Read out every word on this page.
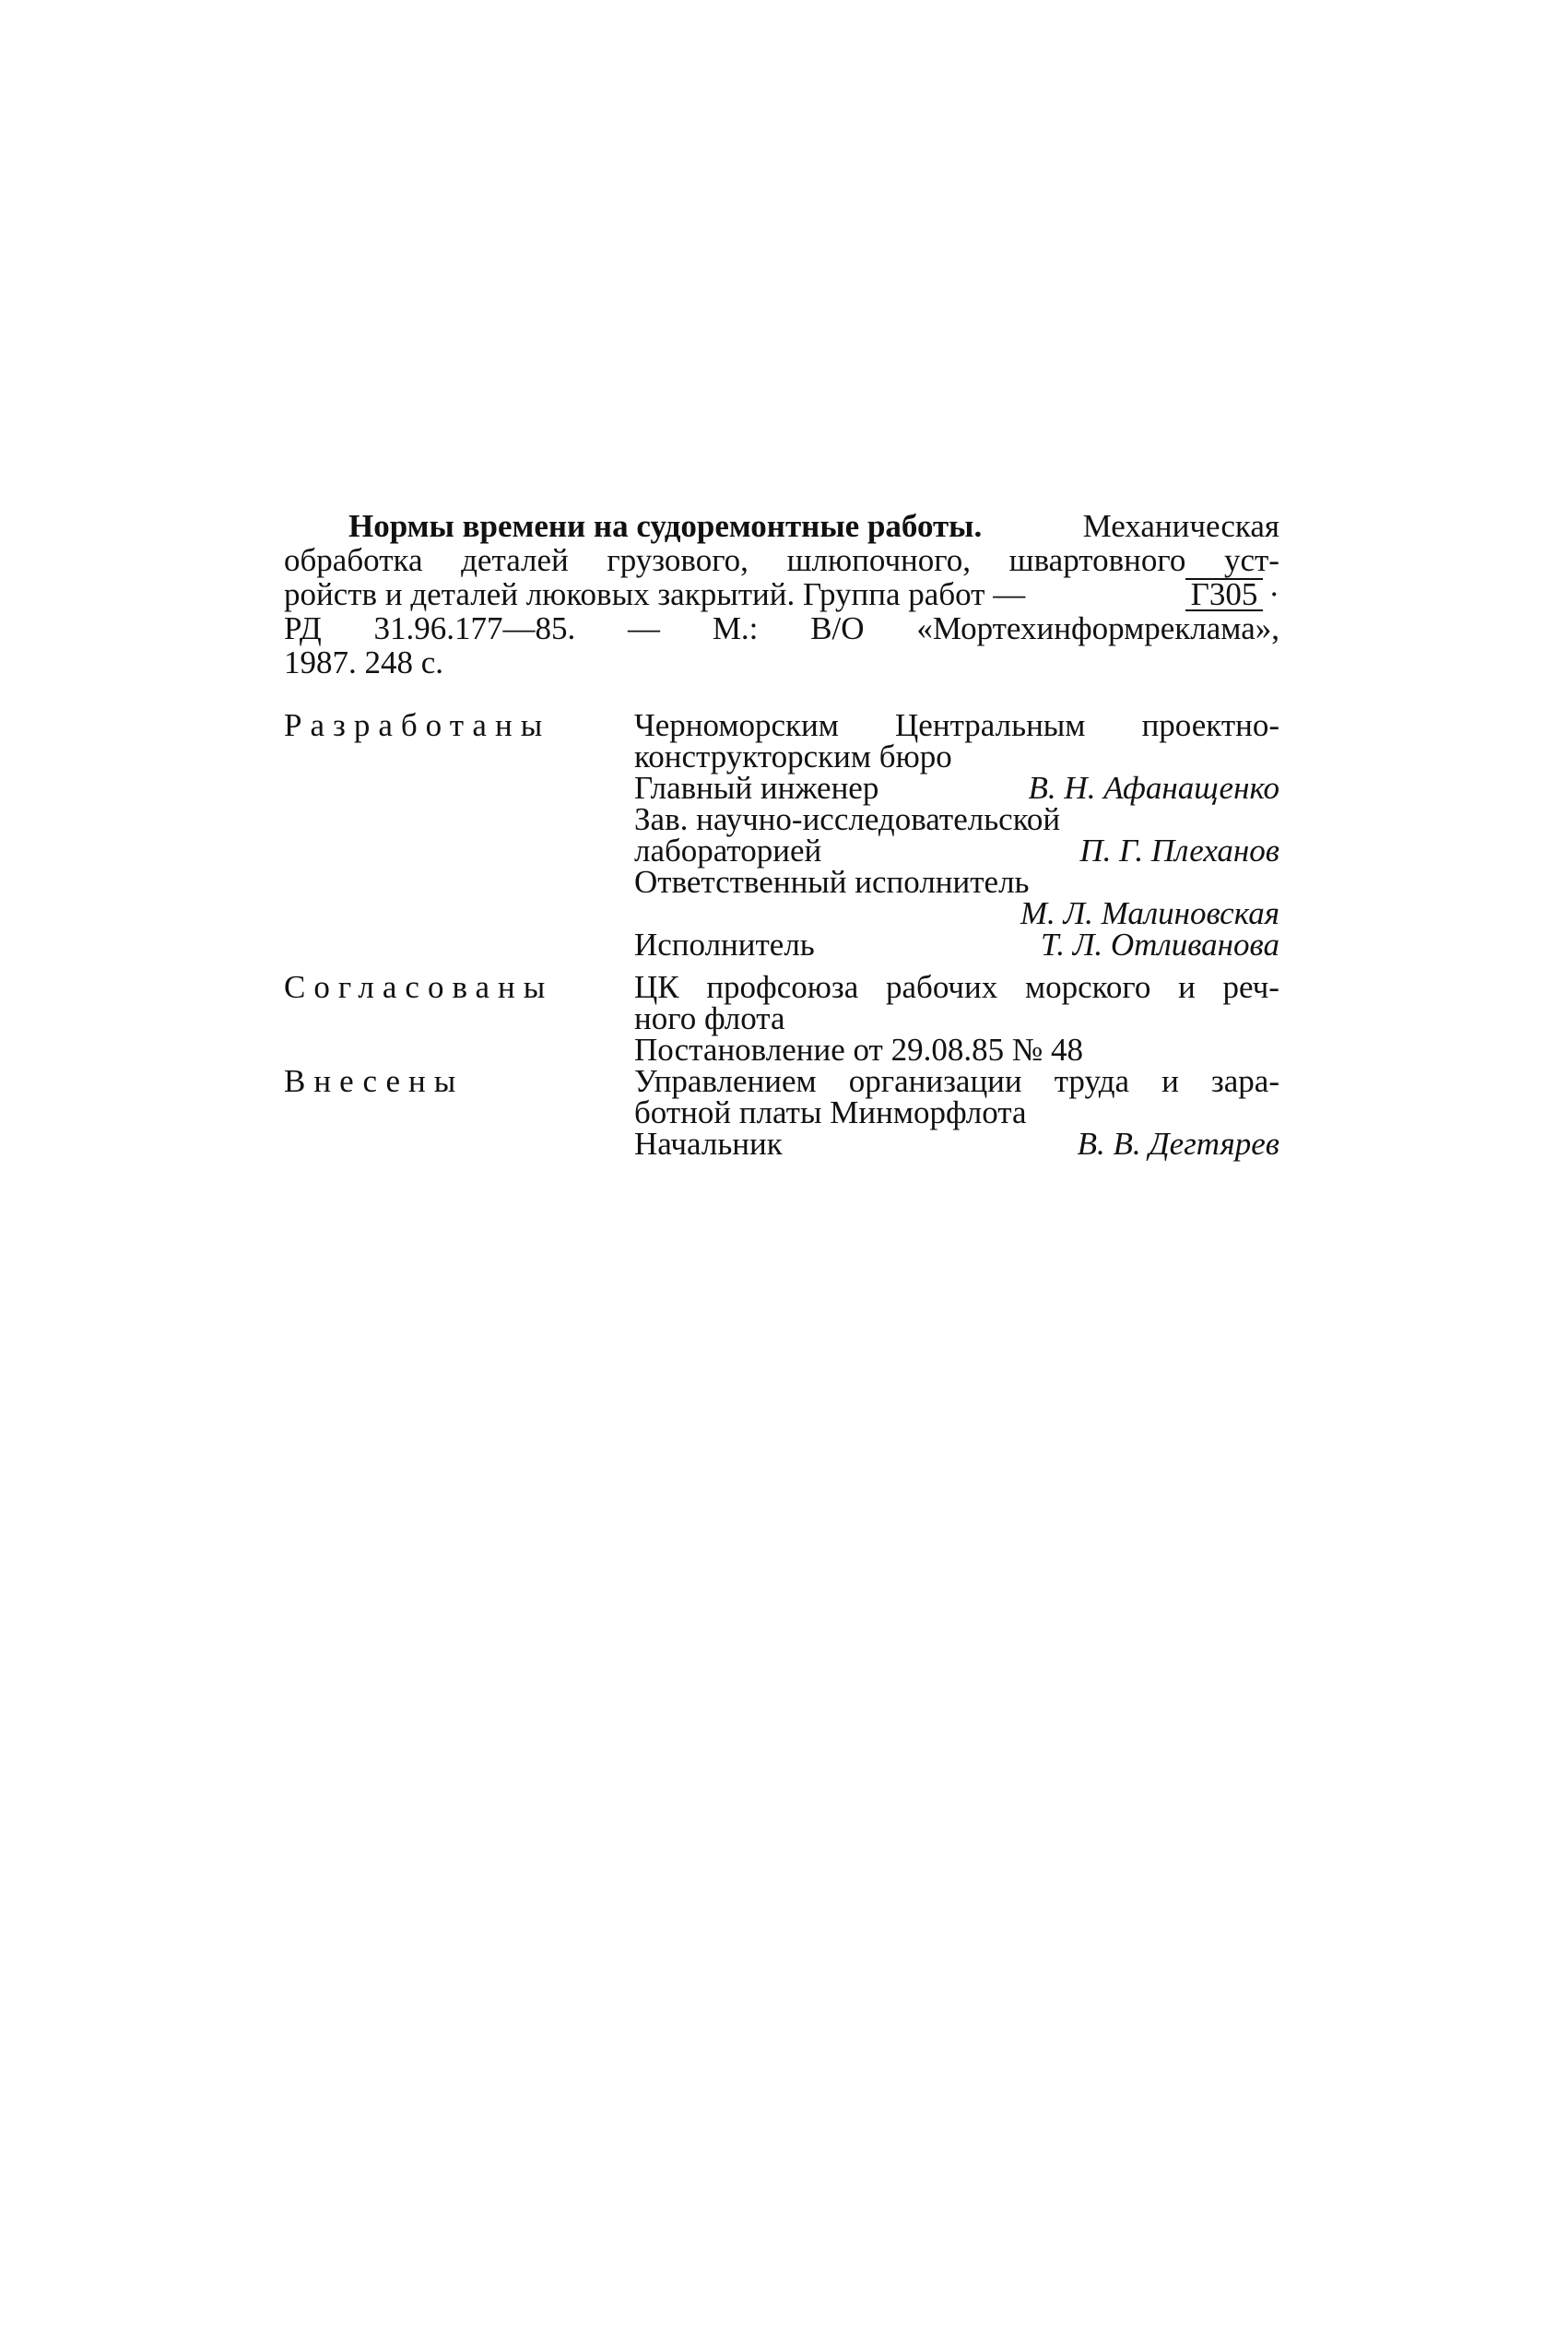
Нормы времени на судоремонтные работы.	Механическая
обработка деталей грузового, шлюпочного, швартовного уст-
ройств и деталей люковых закрытий. Группа работ —	Г305 ·
РД 31.96.177—85. — М.: В/О «Мортехинформреклама»,
1987. 248 с.
Разработаны	Черноморским Центральным проектно-
конструкторским бюро
Главный инженер	В. Н. Афанащенко
Зав. научно-исследовательской
лабораторией	П. Г. Плеханов
Ответственный исполнитель
М. Л. Малиновская
Исполнитель	Т. Л. Отливанова
Согласованы	ЦК профсоюза рабочих морского и реч-
ного флота
Постановление от 29.08.85 № 48
Внесены	Управлением организации труда и зара-
ботной платы Минморфлота
Начальник	В. В. Дегтярев
